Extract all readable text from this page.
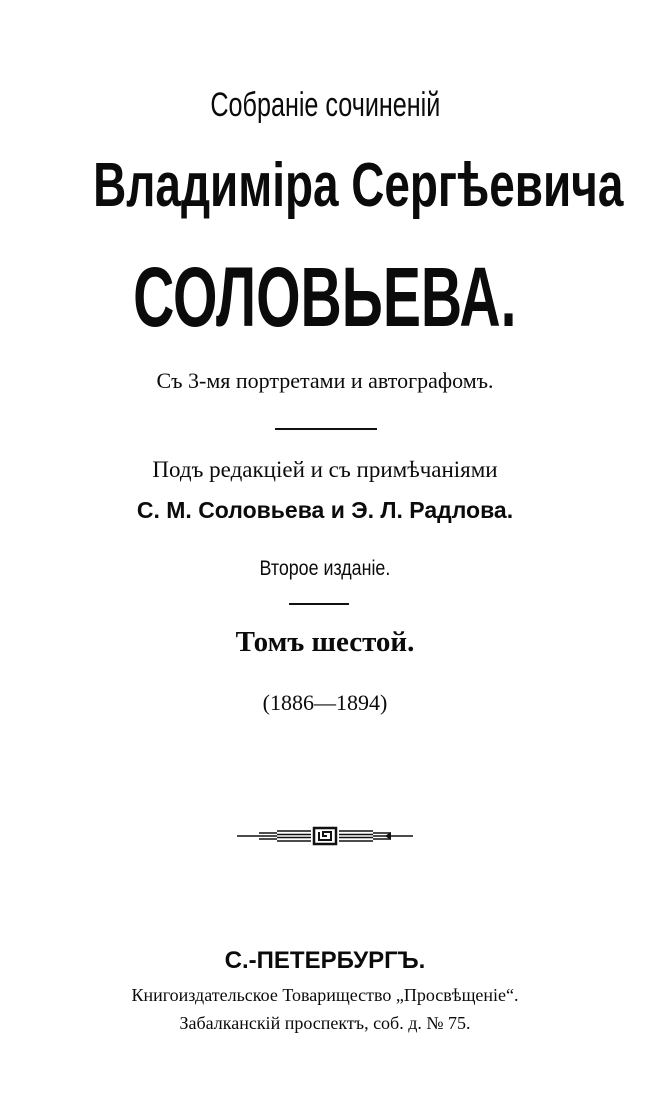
Собраніе сочиненій
Владиміра Сергѣевича
СОЛОВЬЕВА.
Съ 3-мя портретами и автографомъ.
Подъ редакціей и съ примѣчаніями
С. М. Соловьева и Э. Л. Радлова.
Второе изданіе.
Томъ шестой.
(1886—1894)
С.-ПЕТЕРБУРГЪ.
Книгоиздательское Товарищество „Просвѣщеніе“.
Забалканскій проспектъ, соб. д. № 75.
